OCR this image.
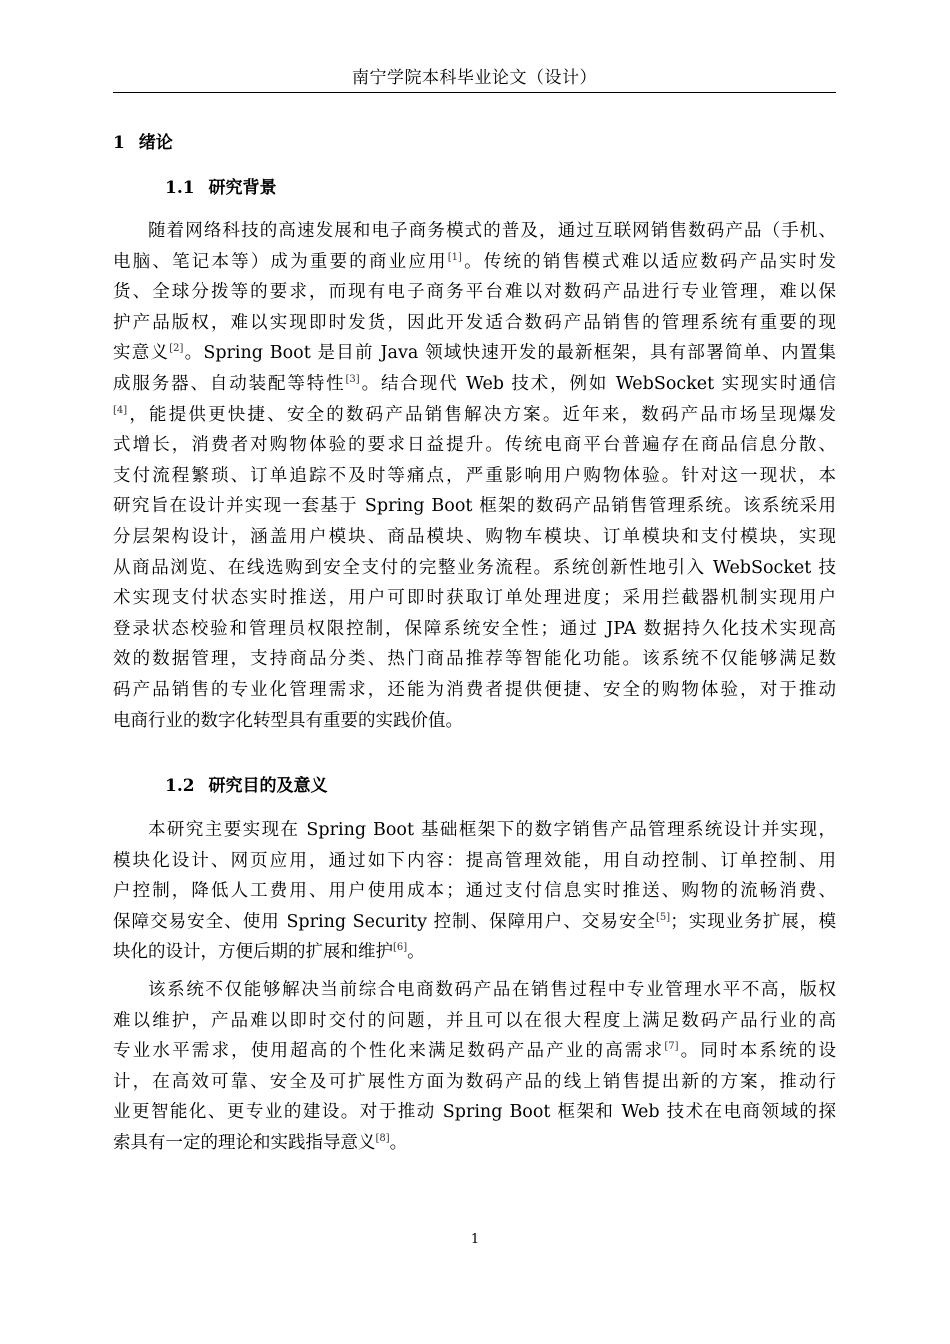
南宁学院本科毕业论文（设计）
1 绪论
1.1 研究背景
随着网络科技的高速发展和电子商务模式的普及，通过互联网销售数码产品（手机、
电脑、笔记本等）成为重要的商业应用[1]。传统的销售模式难以适应数码产品实时发
货、全球分拨等的要求，而现有电子商务平台难以对数码产品进行专业管理，难以保
护产品版权，难以实现即时发货，因此开发适合数码产品销售的管理系统有重要的现
实意义[2]。Spring Boot 是目前 Java 领域快速开发的最新框架，具有部署简单、内置集
成服务器、自动装配等特性[3]。结合现代 Web 技术，例如 WebSocket 实现实时通信
[4]，能提供更快捷、安全的数码产品销售解决方案。近年来，数码产品市场呈现爆发
式增长，消费者对购物体验的要求日益提升。传统电商平台普遍存在商品信息分散、
支付流程繁琐、订单追踪不及时等痛点，严重影响用户购物体验。针对这一现状，本
研究旨在设计并实现一套基于 Spring Boot 框架的数码产品销售管理系统。该系统采用
分层架构设计，涵盖用户模块、商品模块、购物车模块、订单模块和支付模块，实现
从商品浏览、在线选购到安全支付的完整业务流程。系统创新性地引入 WebSocket 技
术实现支付状态实时推送，用户可即时获取订单处理进度；采用拦截器机制实现用户
登录状态校验和管理员权限控制，保障系统安全性；通过 JPA 数据持久化技术实现高
效的数据管理，支持商品分类、热门商品推荐等智能化功能。该系统不仅能够满足数
码产品销售的专业化管理需求，还能为消费者提供便捷、安全的购物体验，对于推动
电商行业的数字化转型具有重要的实践价值。
1.2 研究目的及意义
本研究主要实现在 Spring Boot 基础框架下的数字销售产品管理系统设计并实现，
模块化设计、网页应用，通过如下内容：提高管理效能，用自动控制、订单控制、用
户控制，降低人工费用、用户使用成本；通过支付信息实时推送、购物的流畅消费、
保障交易安全、使用 Spring Security 控制、保障用户、交易安全[5]；实现业务扩展，模
块化的设计，方便后期的扩展和维护[6]。
该系统不仅能够解决当前综合电商数码产品在销售过程中专业管理水平不高，版权
难以维护，产品难以即时交付的问题，并且可以在很大程度上满足数码产品行业的高
专业水平需求，使用超高的个性化来满足数码产品产业的高需求[7]。同时本系统的设
计，在高效可靠、安全及可扩展性方面为数码产品的线上销售提出新的方案，推动行
业更智能化、更专业的建设。对于推动 Spring Boot 框架和 Web 技术在电商领域的探
索具有一定的理论和实践指导意义[8]。
1
